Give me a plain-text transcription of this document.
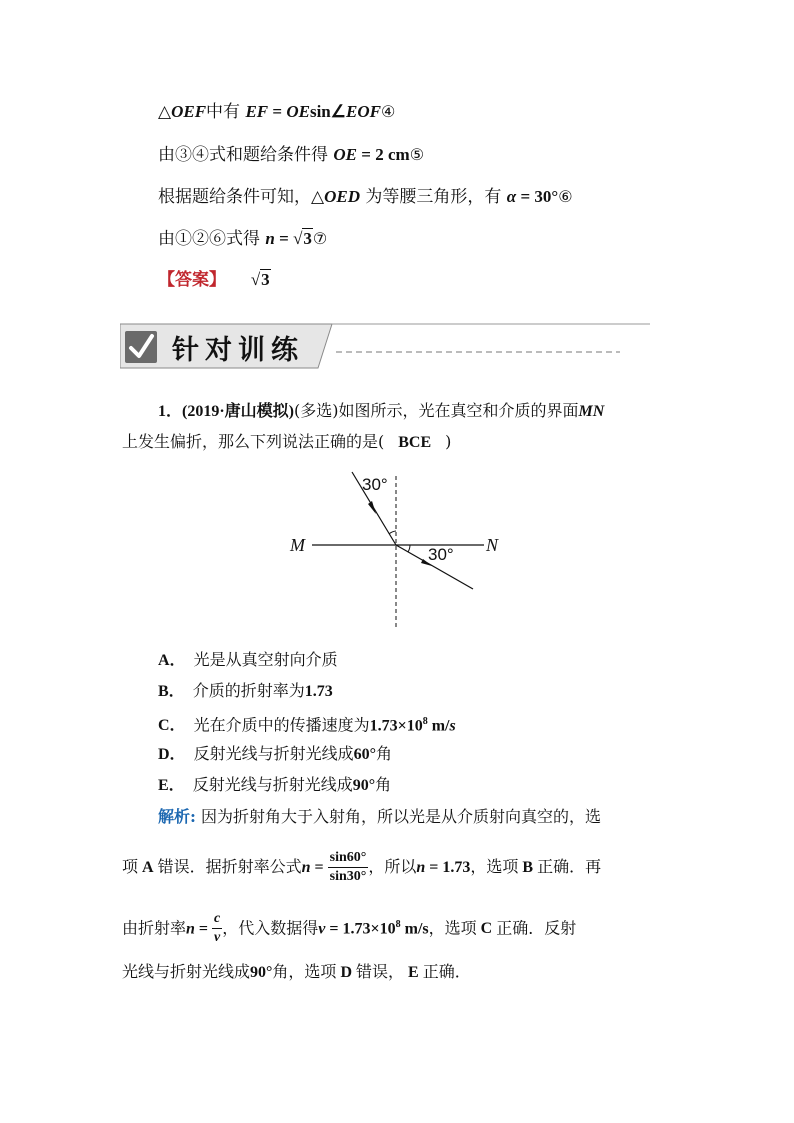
△OEF中有 EF = OEsin∠EOF④
由③④式和题给条件得 OE = 2 cm⑤
根据题给条件可知，△OED 为等腰三角形，有 α = 30°⑥
由①②⑥式得 n = √3⑦
【答案】 √3
针对训练
1．(2019·唐山模拟)(多选)如图所示，光在真空和介质的界面MN
上发生偏折，那么下列说法正确的是( BCE )
30°
30°
M	N
A． 光是从真空射向介质
B． 介质的折射率为1.73
C． 光在介质中的传播速度为$1.73\times 10^8$ m/s
D． 反射光线与折射光线成60°角
E． 反射光线与折射光线成90°角
解析: 因为折射角大于入射角，所以光是从介质射向真空的，选
项 A 错误．据折射率公式$n = \frac{\sin 60^\circ}{\sin 30^\circ}$ ，所以n = 1.73，选项 B 正确．再
由折射率$n = \frac{c}{v}$ ，代入数据得$v = 1.73\times 10^8$ m/s，选项 C 正确．反射
光线与折射光线成90°角，选项 D 错误， E 正确．
